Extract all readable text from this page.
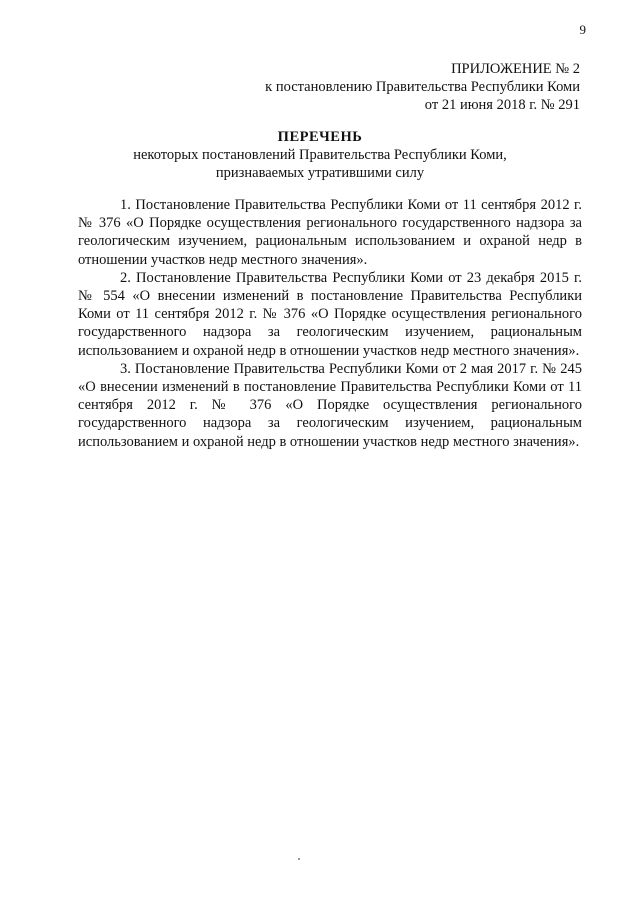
9
ПРИЛОЖЕНИЕ № 2
к постановлению Правительства Республики Коми
от 21 июня 2018 г. № 291
ПЕРЕЧЕНЬ
некоторых постановлений Правительства Республики Коми,
признаваемых утратившими силу

1. Постановление Правительства Республики Коми от 11 сентября 2012 г. № 376 «О Порядке осуществления регионального государственного надзора за геологическим изучением, рациональным использованием и охраной недр в отношении участков недр местного значения».

2. Постановление Правительства Республики Коми от 23 декабря 2015 г. № 554 «О внесении изменений в постановление Правительства Республики Коми от 11 сентября 2012 г. № 376 «О Порядке осуществления регионального государственного надзора за геологическим изучением, рациональным использованием и охраной недр в отношении участков недр местного значения».

3. Постановление Правительства Республики Коми от 2 мая 2017 г. № 245 «О внесении изменений в постановление Правительства Республики Коми от 11 сентября 2012 г. № 376 «О Порядке осуществления регионального государственного надзора за геологическим изучением, рациональным использованием и охраной недр в отношении участков недр местного значения».
